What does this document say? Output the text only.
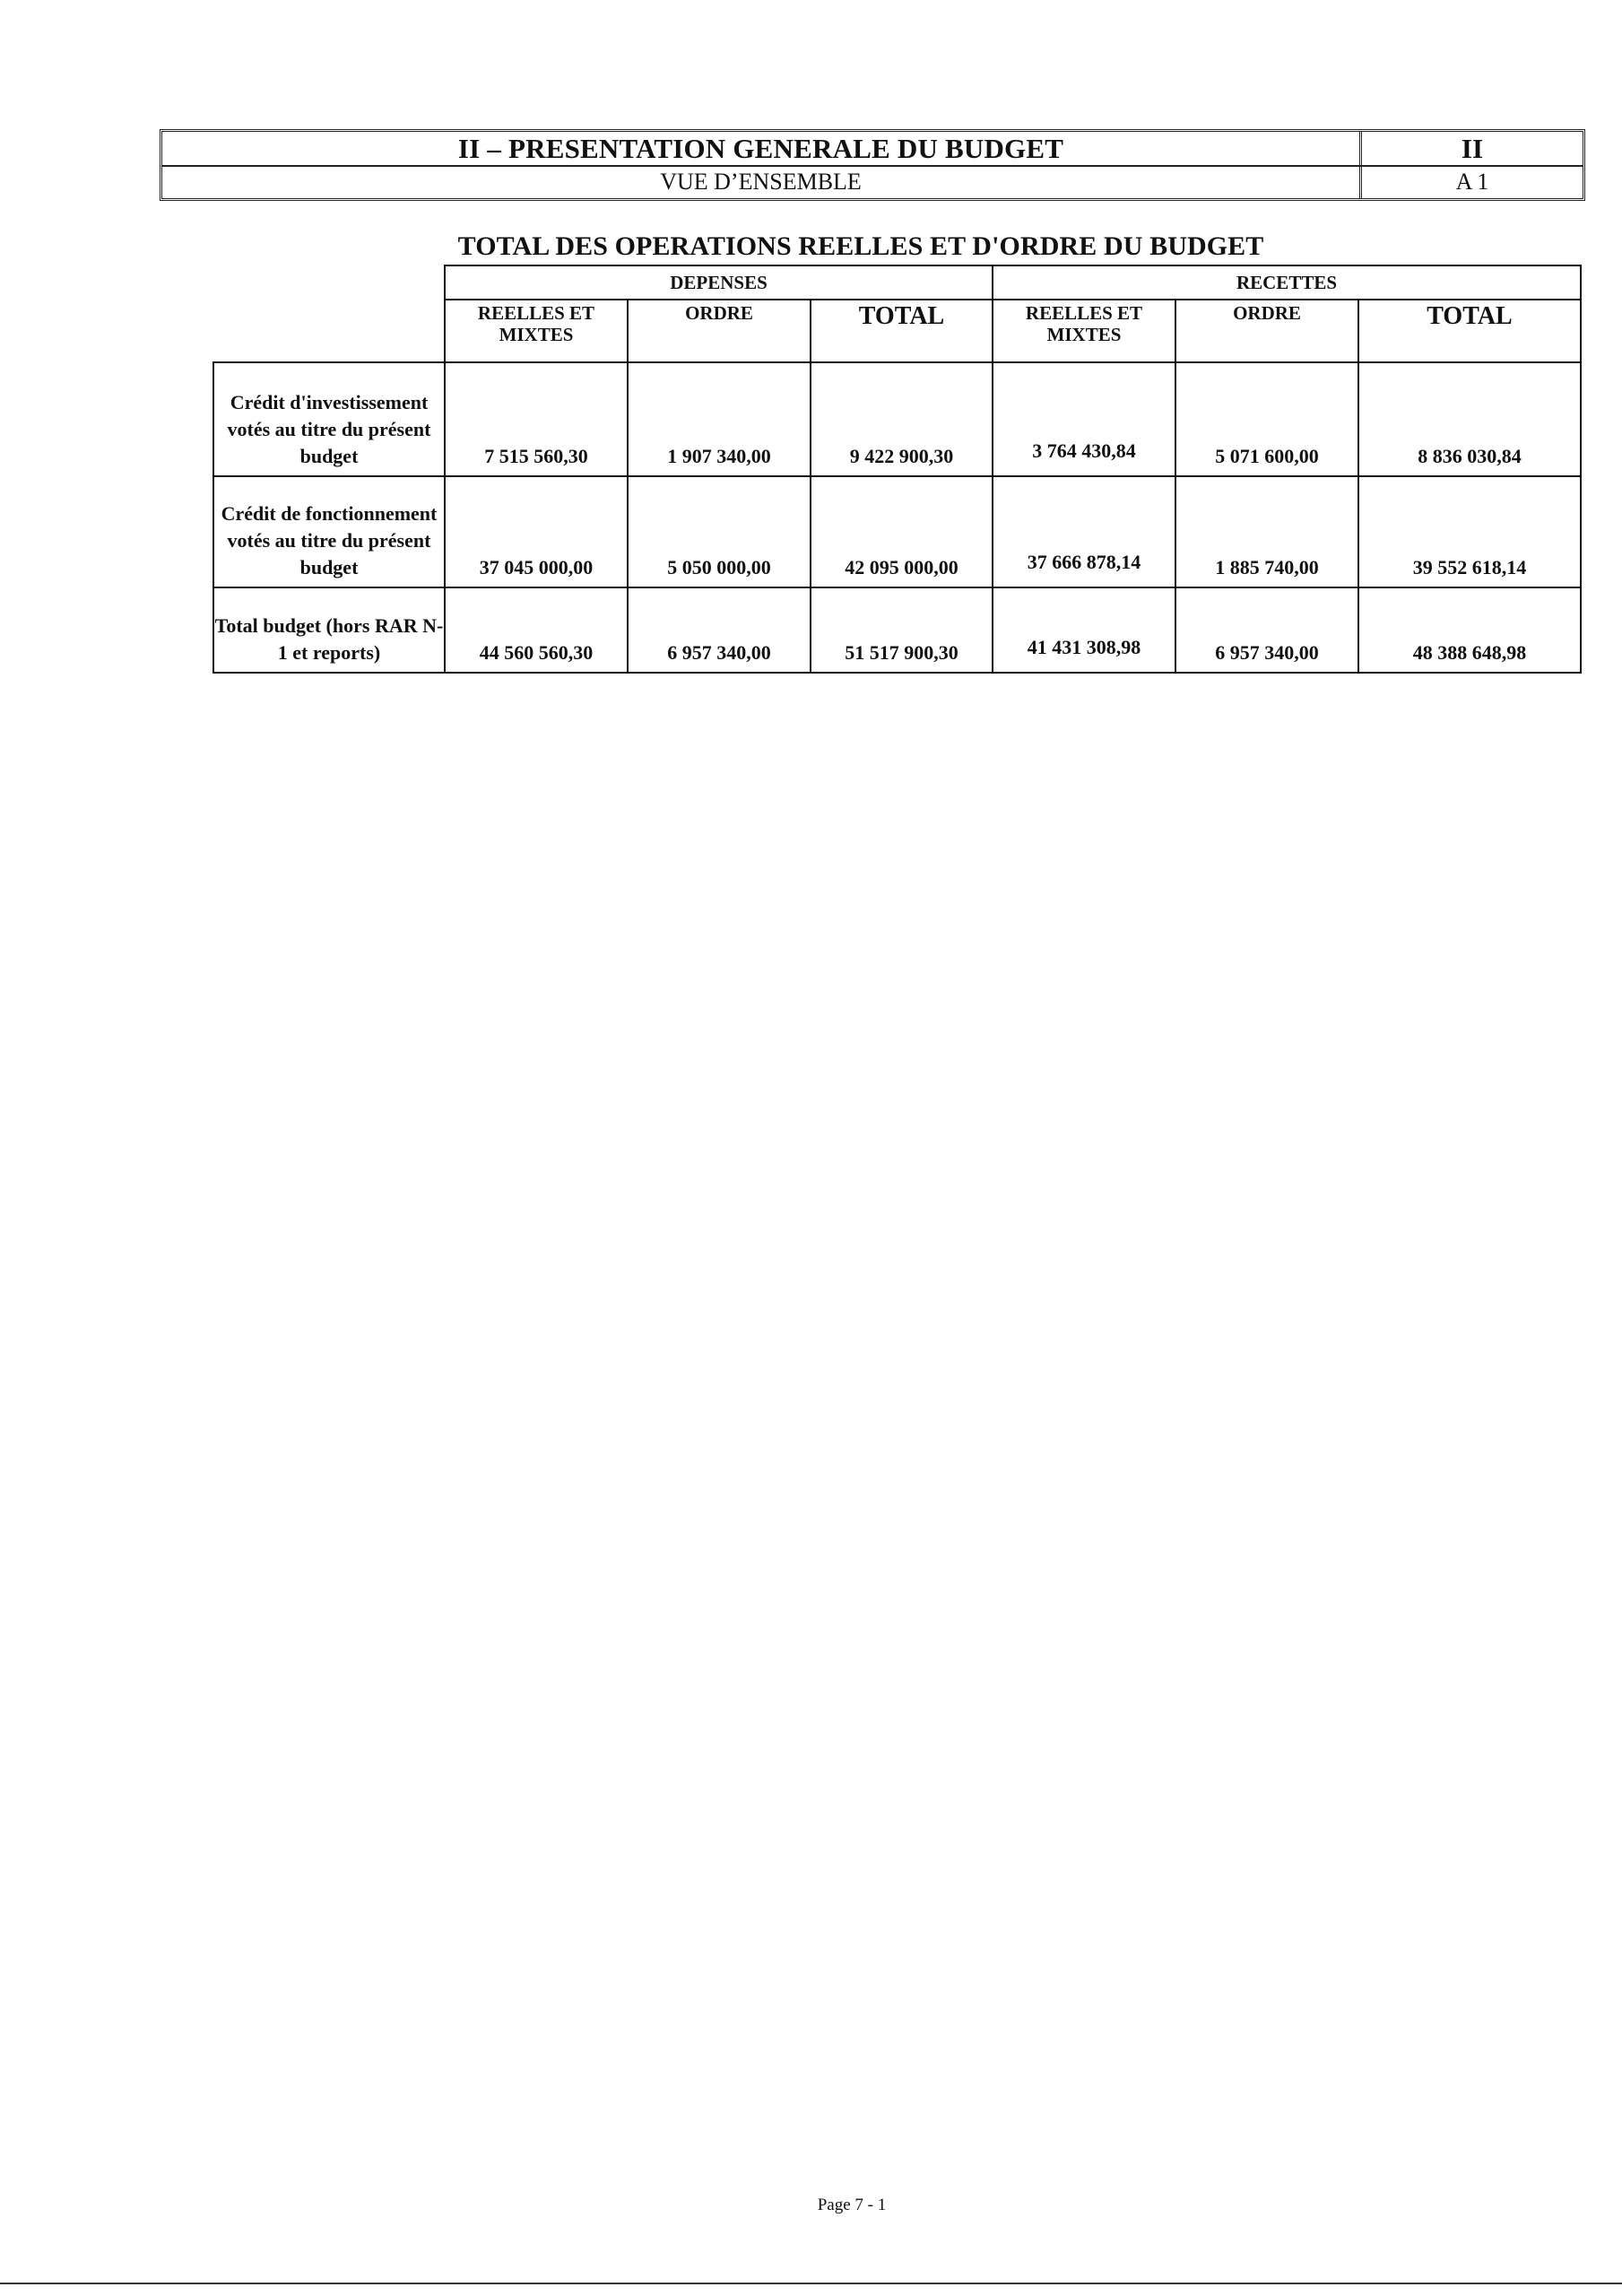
II – PRESENTATION GENERALE DU BUDGET	II
VUE D’ENSEMBLE	A 1
TOTAL DES OPERATIONS REELLES ET D'ORDRE DU BUDGET
	DEPENSES			RECETTES		
	REELLES ET MIXTES	ORDRE	TOTAL	REELLES ET MIXTES	ORDRE	TOTAL
Crédit d'investissement votés au titre du présent budget	7 515 560,30	1 907 340,00	9 422 900,30	3 764 430,84	5 071 600,00	8 836 030,84
Crédit de fonctionnement votés au titre du présent budget	37 045 000,00	5 050 000,00	42 095 000,00	37 666 878,14	1 885 740,00	39 552 618,14
Total budget (hors RAR N-1 et reports)	44 560 560,30	6 957 340,00	51 517 900,30	41 431 308,98	6 957 340,00	48 388 648,98
Page 7 - 1
